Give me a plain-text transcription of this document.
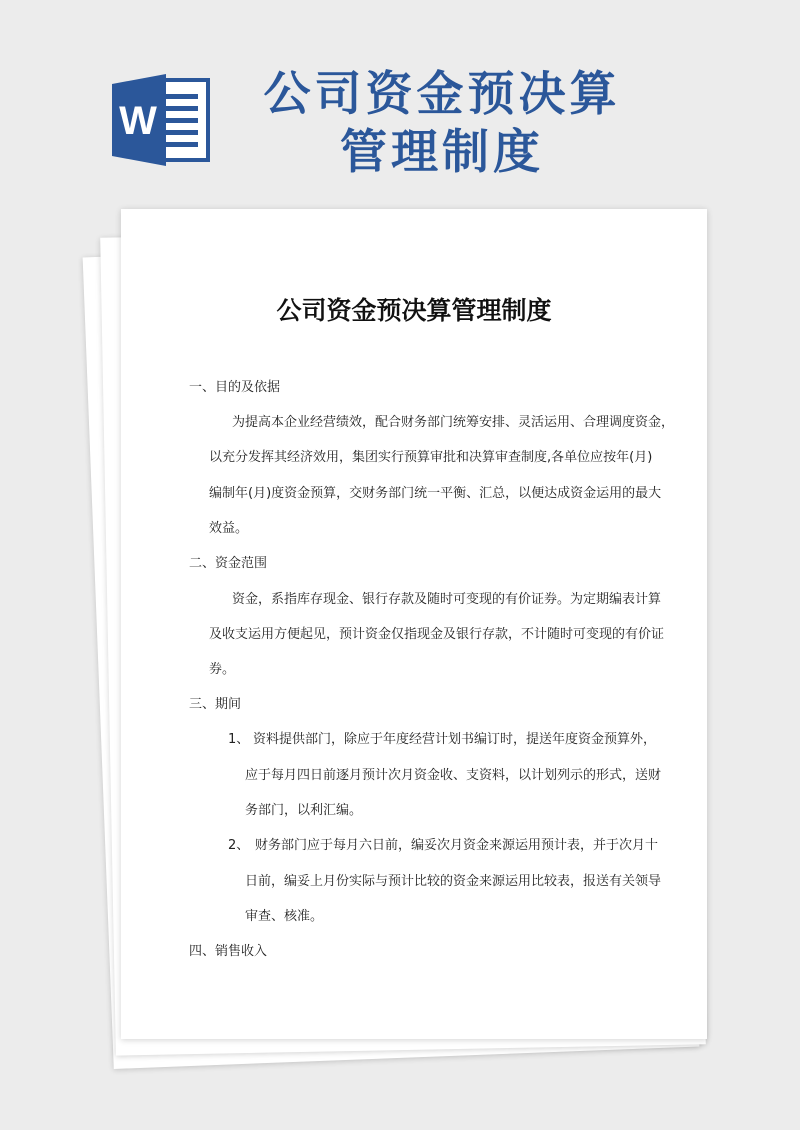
W	公司资金预决算
管理制度
公司资金预决算管理制度
一、目的及依据
为提高本企业经营绩效，配合财务部门统筹安排、灵活运用、合理调度资金，
以充分发挥其经济效用，集团实行预算审批和决算审查制度,各单位应按年(月)
编制年(月)度资金预算，交财务部门统一平衡、汇总，以便达成资金运用的最大
效益。
二、资金范围
资金，系指库存现金、银行存款及随时可变现的有价证券。为定期编表计算
及收支运用方便起见，预计资金仅指现金及银行存款，不计随时可变现的有价证
券。
三、期间
1、 资料提供部门，除应于年度经营计划书编订时，提送年度资金预算外，
应于每月四日前逐月预计次月资金收、支资料，以计划列示的形式，送财
务部门，以利汇编。
2、 财务部门应于每月六日前，编妥次月资金来源运用预计表，并于次月十
日前，编妥上月份实际与预计比较的资金来源运用比较表，报送有关领导
审查、核准。
四、销售收入
